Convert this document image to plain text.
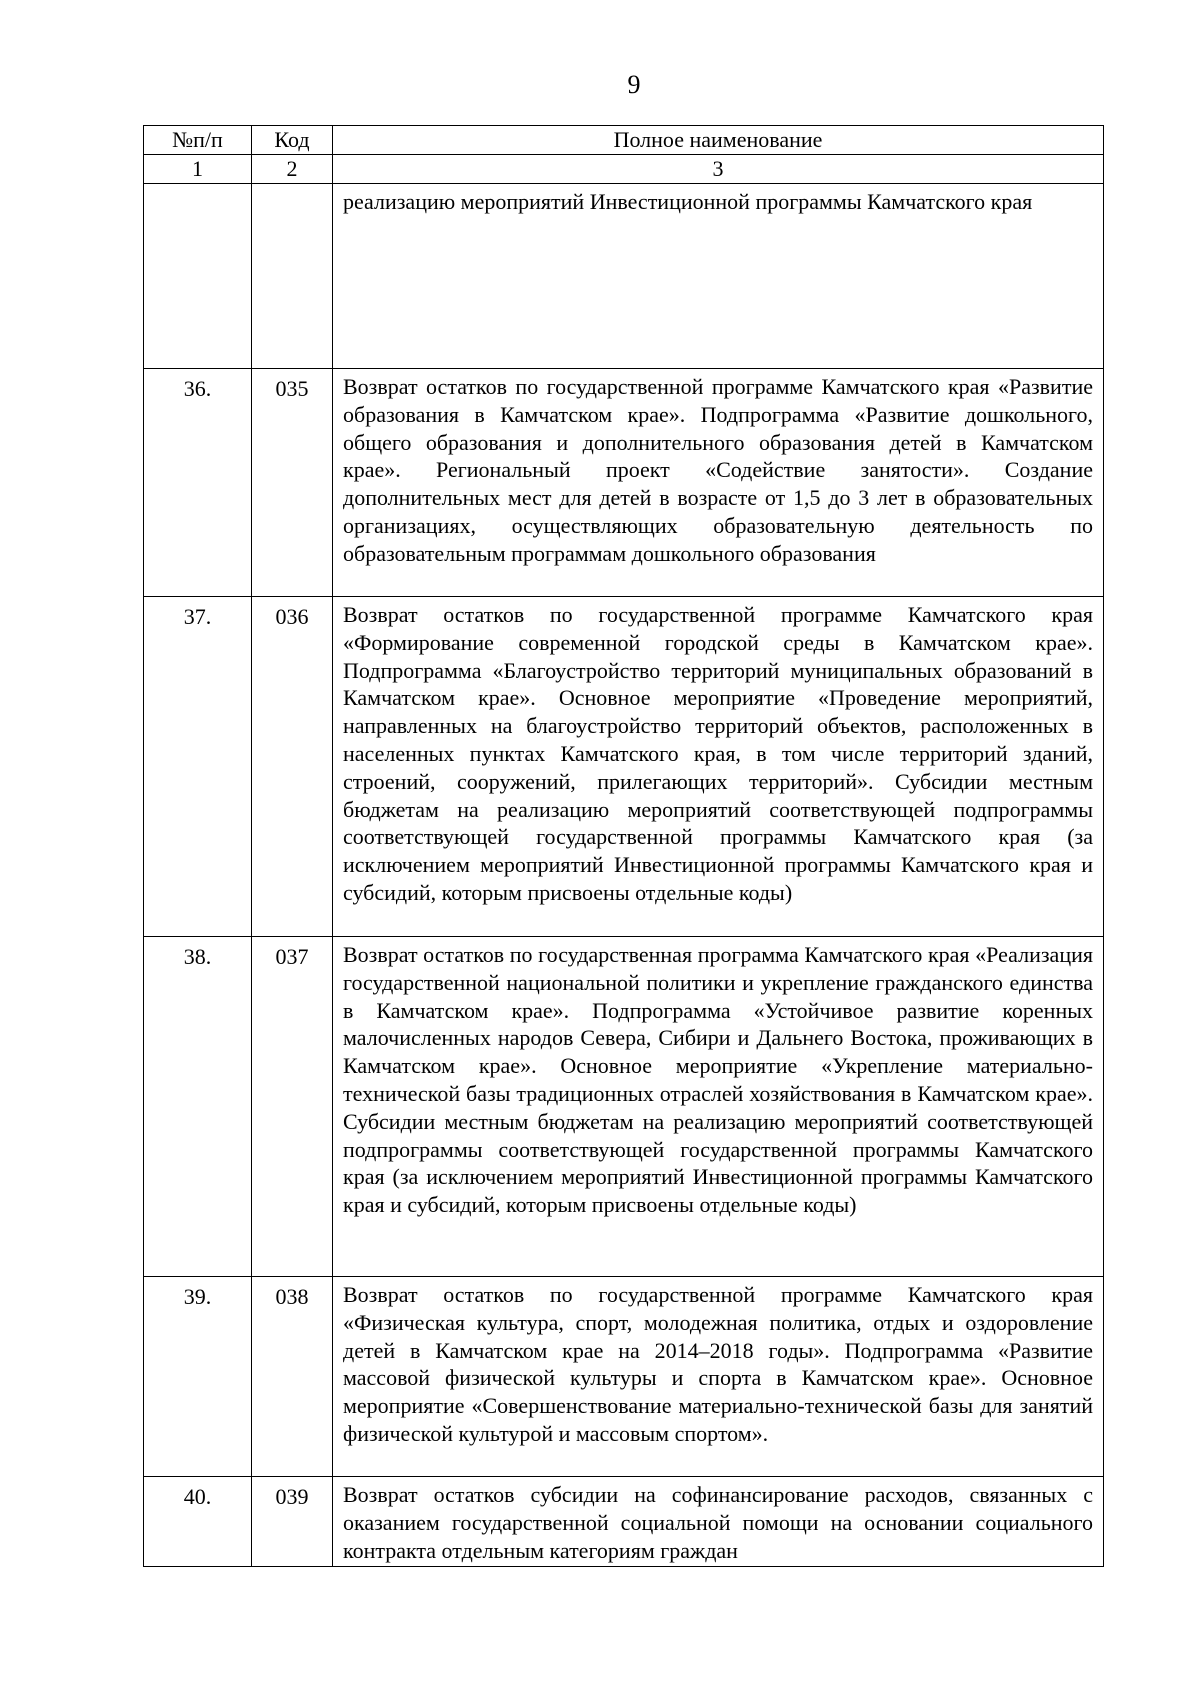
9
№п/п	Код	Полное наименование
1	2	3
		реализацию мероприятий Инвестиционной программы Камчатского края
36.	035	Возврат остатков по государственной программе Камчатского края «Развитие образования в Камчатском крае». Подпрограмма «Развитие дошкольного, общего образования и дополнительного образования детей в Камчатском крае». Региональный проект «Содействие занятости». Создание дополнительных мест для детей в возрасте от 1,5 до 3 лет в образовательных организациях, осуществляющих образовательную деятельность по образовательным программам дошкольного образования
37.	036	Возврат остатков по государственной программе Камчатского края «Формирование современной городской среды в Камчатском крае». Подпрограмма «Благоустройство территорий муниципальных образований в Камчатском крае». Основное мероприятие «Проведение мероприятий, направленных на благоустройство территорий объектов, расположенных в населенных пунктах Камчатского края, в том числе территорий зданий, строений, сооружений, прилегающих территорий». Субсидии местным бюджетам на реализацию мероприятий соответствующей подпрограммы соответствующей государственной программы Камчатского края (за исключением мероприятий Инвестиционной программы Камчатского края и субсидий, которым присвоены отдельные коды)
38.	037	Возврат остатков по государственная программа Камчатского края «Реализация государственной национальной политики и укрепление гражданского единства в Камчатском крае». Подпрограмма «Устойчивое развитие коренных малочисленных народов Севера, Сибири и Дальнего Востока, проживающих в Камчатском крае». Основное мероприятие «Укрепление материально-технической базы традиционных отраслей хозяйствования в Камчатском крае». Субсидии местным бюджетам на реализацию мероприятий соответствующей подпрограммы соответствующей государственной программы Камчатского края (за исключением мероприятий Инвестиционной программы Камчатского края и субсидий, которым присвоены отдельные коды)
39.	038	Возврат остатков по государственной программе Камчатского края «Физическая культура, спорт, молодежная политика, отдых и оздоровление детей в Камчатском крае на 2014–2018 годы». Подпрограмма «Развитие массовой физической культуры и спорта в Камчатском крае». Основное мероприятие «Совершенствование материально-технической базы для занятий физической культурой и массовым спортом».
40.	039	Возврат остатков субсидии на софинансирование расходов, связанных с оказанием государственной социальной помощи на основании социального контракта отдельным категориям граждан
